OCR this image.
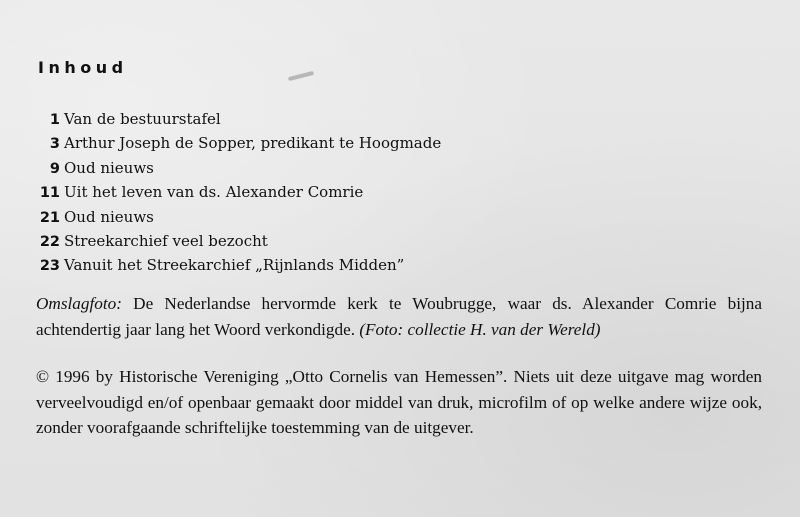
Inhoud
1 Van de bestuurstafel
3 Arthur Joseph de Sopper, predikant te Hoogmade
9 Oud nieuws
11 Uit het leven van ds. Alexander Comrie
21 Oud nieuws
22 Streekarchief veel bezocht
23 Vanuit het Streekarchief „Rijnlands Midden”

Omslagfoto: De Nederlandse hervormde kerk te Woubrugge, waar ds. Alexander Comrie bijna achtendertig jaar lang het Woord verkondigde. (Foto: collectie H. van der Wereld)

© 1996 by Historische Vereniging „Otto Cornelis van Hemessen”. Niets uit deze uitgave mag worden verveelvoudigd en/of openbaar gemaakt door middel van druk, microfilm of op welke andere wijze ook, zonder voorafgaande schriftelijke toestemming van de uitgever.
